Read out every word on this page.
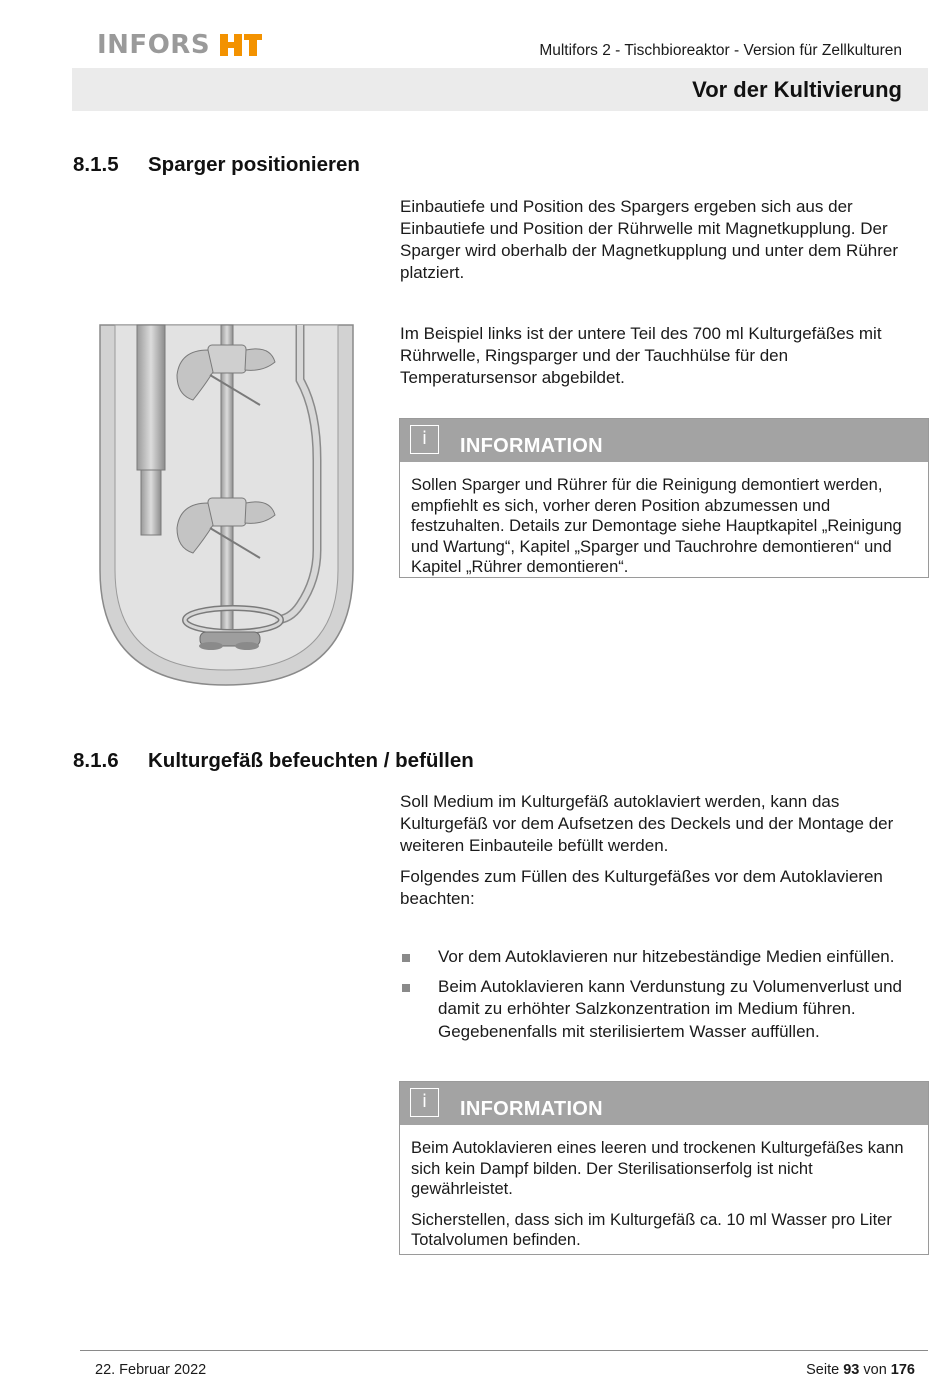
INFORS	Multifors 2 - Tischbioreaktor - Version für Zellkulturen
Vor der Kultivierung
8.1.5 Sparger positionieren
Einbautiefe und Position des Spargers ergeben sich aus der Einbautiefe und Position der Rührwelle mit Magnetkupplung. Der Sparger wird oberhalb der Magnetkupplung und unter dem Rührer platziert.
Im Beispiel links ist der untere Teil des 700 ml Kulturgefäßes mit Rührwelle, Ringsparger und der Tauchhülse für den Temperatursensor abgebildet.
i	INFORMATION

Sollen Sparger und Rührer für die Reinigung demontiert werden, empfiehlt es sich, vorher deren Position abzumessen und festzuhalten. Details zur Demontage siehe Hauptkapitel „Reinigung und Wartung“, Kapitel „Sparger und Tauchrohre demontieren“ und Kapitel „Rührer demontieren“.

8.1.6 Kulturgefäß befeuchten / befüllen
Soll Medium im Kulturgefäß autoklaviert werden, kann das Kulturgefäß vor dem Aufsetzen des Deckels und der Montage der weiteren Einbauteile befüllt werden.
Folgendes zum Füllen des Kulturgefäßes vor dem Autoklavieren beachten:
Vor dem Autoklavieren nur hitzebeständige Medien einfüllen.
Beim Autoklavieren kann Verdunstung zu Volumenverlust und damit zu erhöhter Salzkonzentration im Medium führen. Gegebenenfalls mit sterilisiertem Wasser auffüllen.
i	INFORMATION

Beim Autoklavieren eines leeren und trockenen Kulturgefäßes kann sich kein Dampf bilden. Der Sterilisationserfolg ist nicht gewährleistet.

Sicherstellen, dass sich im Kulturgefäß ca. 10 ml Wasser pro Liter Totalvolumen befinden.

22. Februar 2022	Seite 93 von 176
